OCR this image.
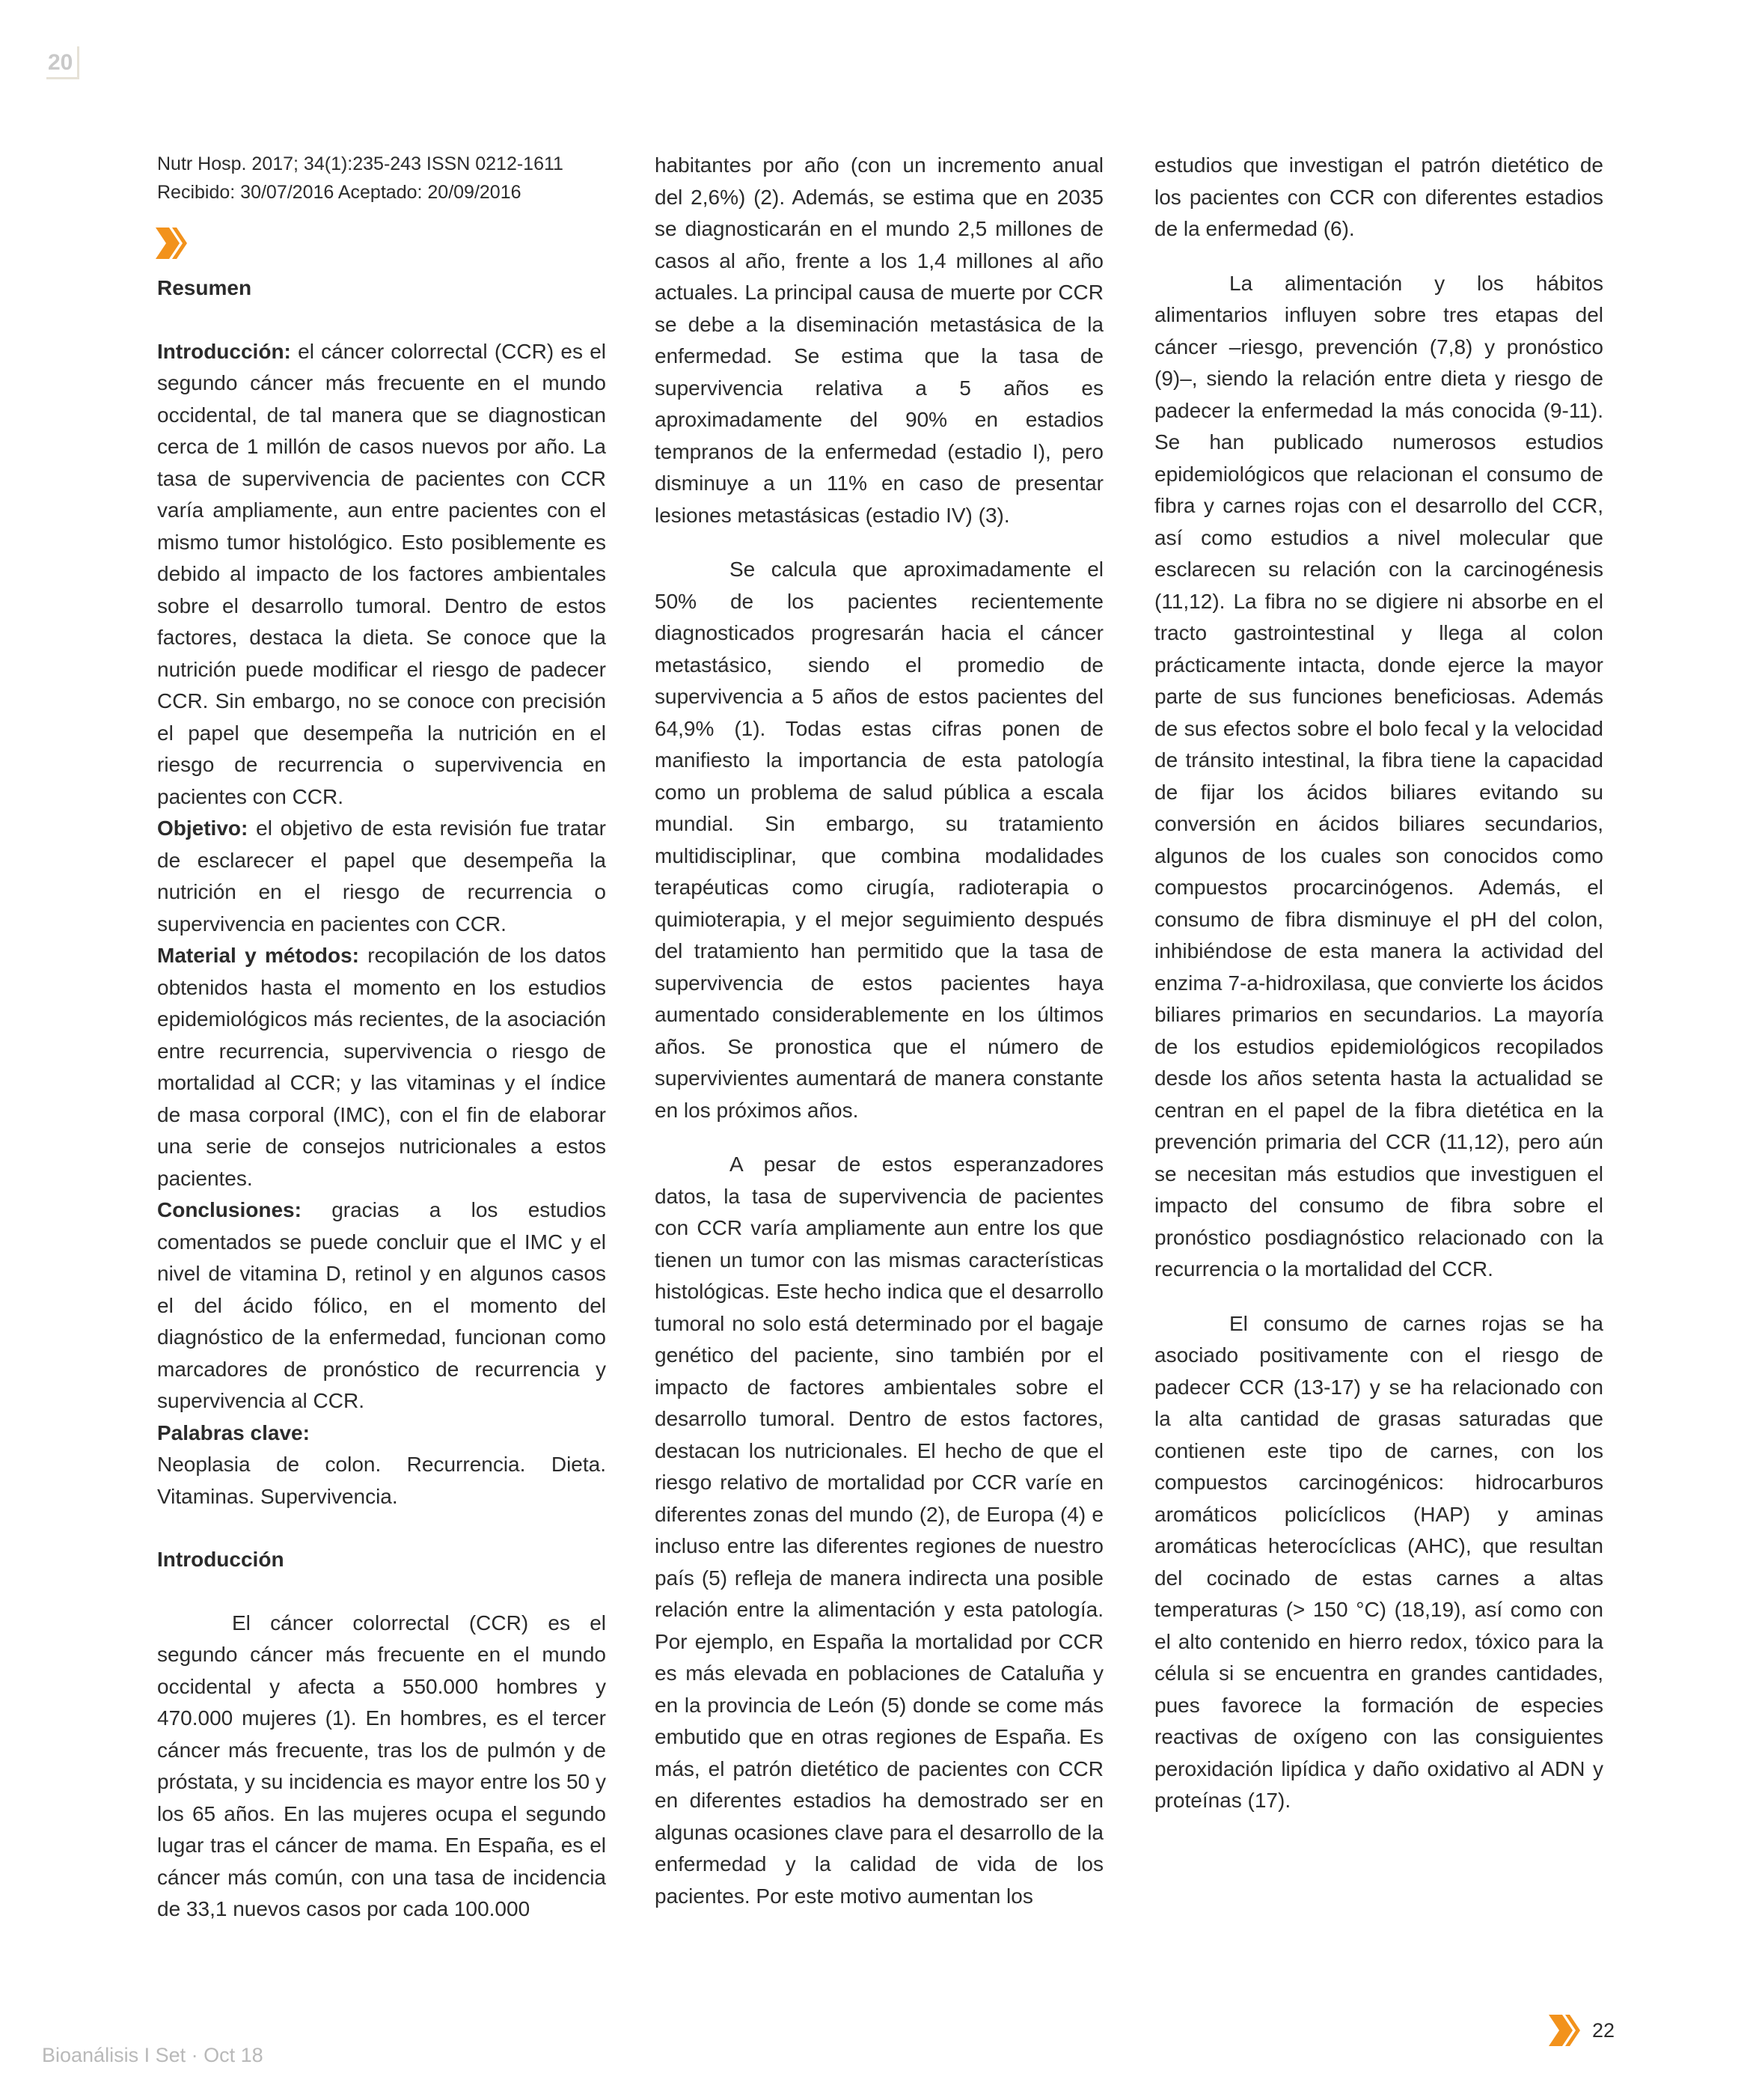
20

Nutr Hosp. 2017; 34(1):235-243 ISSN 0212-1611

Recibido: 30/07/2016 Aceptado: 20/09/2016

Resumen

Introducción: el cáncer colorrectal (CCR) es el segundo cáncer más frecuente en el mundo occidental, de tal manera que se diagnostican cerca de 1 millón de casos nuevos por año. La tasa de supervivencia de pacientes con CCR varía ampliamente, aun entre pacientes con el mismo tumor histológico. Esto posiblemente es debido al impacto de los factores ambientales sobre el desarrollo tumoral. Dentro de estos factores, destaca la dieta. Se conoce que la nutrición puede modificar el riesgo de padecer CCR. Sin embargo, no se conoce con precisión el papel que desempeña la nutrición en el riesgo de recurrencia o supervivencia en pacientes con CCR.

Objetivo: el objetivo de esta revisión fue tratar de esclarecer el papel que desempeña la nutrición en el riesgo de recurrencia o supervivencia en pacientes con CCR.

Material y métodos: recopilación de los datos obtenidos hasta el momento en los estudios epidemiológicos más recientes, de la asociación entre recurrencia, supervivencia o riesgo de mortalidad al CCR; y las vitaminas y el índice de masa corporal (IMC), con el fin de elaborar una serie de consejos nutricionales a estos pacientes.

Conclusiones: gracias a los estudios comentados se puede concluir que el IMC y el nivel de vitamina D, retinol y en algunos casos el del ácido fólico, en el momento del diagnóstico de la enfermedad, funcionan como marcadores de pronóstico de recurrencia y supervivencia al CCR.

Palabras clave:

Neoplasia de colon. Recurrencia. Dieta. Vitaminas. Supervivencia.

Introducción

El cáncer colorrectal (CCR) es el segundo cáncer más frecuente en el mundo occidental y afecta a 550.000 hombres y 470.000 mujeres (1). En hombres, es el tercer cáncer más frecuente, tras los de pulmón y de próstata, y su incidencia es mayor entre los 50 y los 65 años. En las mujeres ocupa el segundo lugar tras el cáncer de mama. En España, es el cáncer más común, con una tasa de incidencia de 33,1 nuevos casos por cada 100.000

habitantes por año (con un incremento anual del 2,6%) (2). Además, se estima que en 2035 se diagnosticarán en el mundo 2,5 millones de casos al año, frente a los 1,4 millones al año actuales. La principal causa de muerte por CCR se debe a la diseminación metastásica de la enfermedad. Se estima que la tasa de supervivencia relativa a 5 años es aproximadamente del 90% en estadios tempranos de la enfermedad (estadio I), pero disminuye a un 11% en caso de presentar lesiones metastásicas (estadio IV) (3).

Se calcula que aproximadamente el 50% de los pacientes recientemente diagnosticados progresarán hacia el cáncer metastásico, siendo el promedio de supervivencia a 5 años de estos pacientes del 64,9% (1). Todas estas cifras ponen de manifiesto la importancia de esta patología como un problema de salud pública a escala mundial. Sin embargo, su tratamiento multidisciplinar, que combina modalidades terapéuticas como cirugía, radioterapia o quimioterapia, y el mejor seguimiento después del tratamiento han permitido que la tasa de supervivencia de estos pacientes haya aumentado considerablemente en los últimos años. Se pronostica que el número de supervivientes aumentará de manera constante en los próximos años.

A pesar de estos esperanzadores datos, la tasa de supervivencia de pacientes con CCR varía ampliamente aun entre los que tienen un tumor con las mismas características histológicas. Este hecho indica que el desarrollo tumoral no solo está determinado por el bagaje genético del paciente, sino también por el impacto de factores ambientales sobre el desarrollo tumoral. Dentro de estos factores, destacan los nutricionales. El hecho de que el riesgo relativo de mortalidad por CCR varíe en diferentes zonas del mundo (2), de Europa (4) e incluso entre las diferentes regiones de nuestro país (5) refleja de manera indirecta una posible relación entre la alimentación y esta patología. Por ejemplo, en España la mortalidad por CCR es más elevada en poblaciones de Cataluña y en la provincia de León (5) donde se come más embutido que en otras regiones de España. Es más, el patrón dietético de pacientes con CCR en diferentes estadios ha demostrado ser en algunas ocasiones clave para el desarrollo de la enfermedad y la calidad de vida de los pacientes. Por este motivo aumentan los

estudios que investigan el patrón dietético de los pacientes con CCR con diferentes estadios de la enfermedad (6).

La alimentación y los hábitos alimentarios influyen sobre tres etapas del cáncer –riesgo, prevención (7,8) y pronóstico (9)–, siendo la relación entre dieta y riesgo de padecer la enfermedad la más conocida (9-11). Se han publicado numerosos estudios epidemiológicos que relacionan el consumo de fibra y carnes rojas con el desarrollo del CCR, así como estudios a nivel molecular que esclarecen su relación con la carcinogénesis (11,12). La fibra no se digiere ni absorbe en el tracto gastrointestinal y llega al colon prácticamente intacta, donde ejerce la mayor parte de sus funciones beneficiosas. Además de sus efectos sobre el bolo fecal y la velocidad de tránsito intestinal, la fibra tiene la capacidad de fijar los ácidos biliares evitando su conversión en ácidos biliares secundarios, algunos de los cuales son conocidos como compuestos procarcinógenos. Además, el consumo de fibra disminuye el pH del colon, inhibiéndose de esta manera la actividad del enzima 7-a-hidroxilasa, que convierte los ácidos biliares primarios en secundarios. La mayoría de los estudios epidemiológicos recopilados desde los años setenta hasta la actualidad se centran en el papel de la fibra dietética en la prevención primaria del CCR (11,12), pero aún se necesitan más estudios que investiguen el impacto del consumo de fibra sobre el pronóstico posdiagnóstico relacionado con la recurrencia o la mortalidad del CCR.

El consumo de carnes rojas se ha asociado positivamente con el riesgo de padecer CCR (13-17) y se ha relacionado con la alta cantidad de grasas saturadas que contienen este tipo de carnes, con los compuestos carcinogénicos: hidrocarburos aromáticos policíclicos (HAP) y aminas aromáticas heterocíclicas (AHC), que resultan del cocinado de estas carnes a altas temperaturas (> 150 °C) (18,19), así como con el alto contenido en hierro redox, tóxico para la célula si se encuentra en grandes cantidades, pues favorece la formación de especies reactivas de oxígeno con las consiguientes peroxidación lipídica y daño oxidativo al ADN y proteínas (17).

Bioanálisis I Set · Oct 18
22
